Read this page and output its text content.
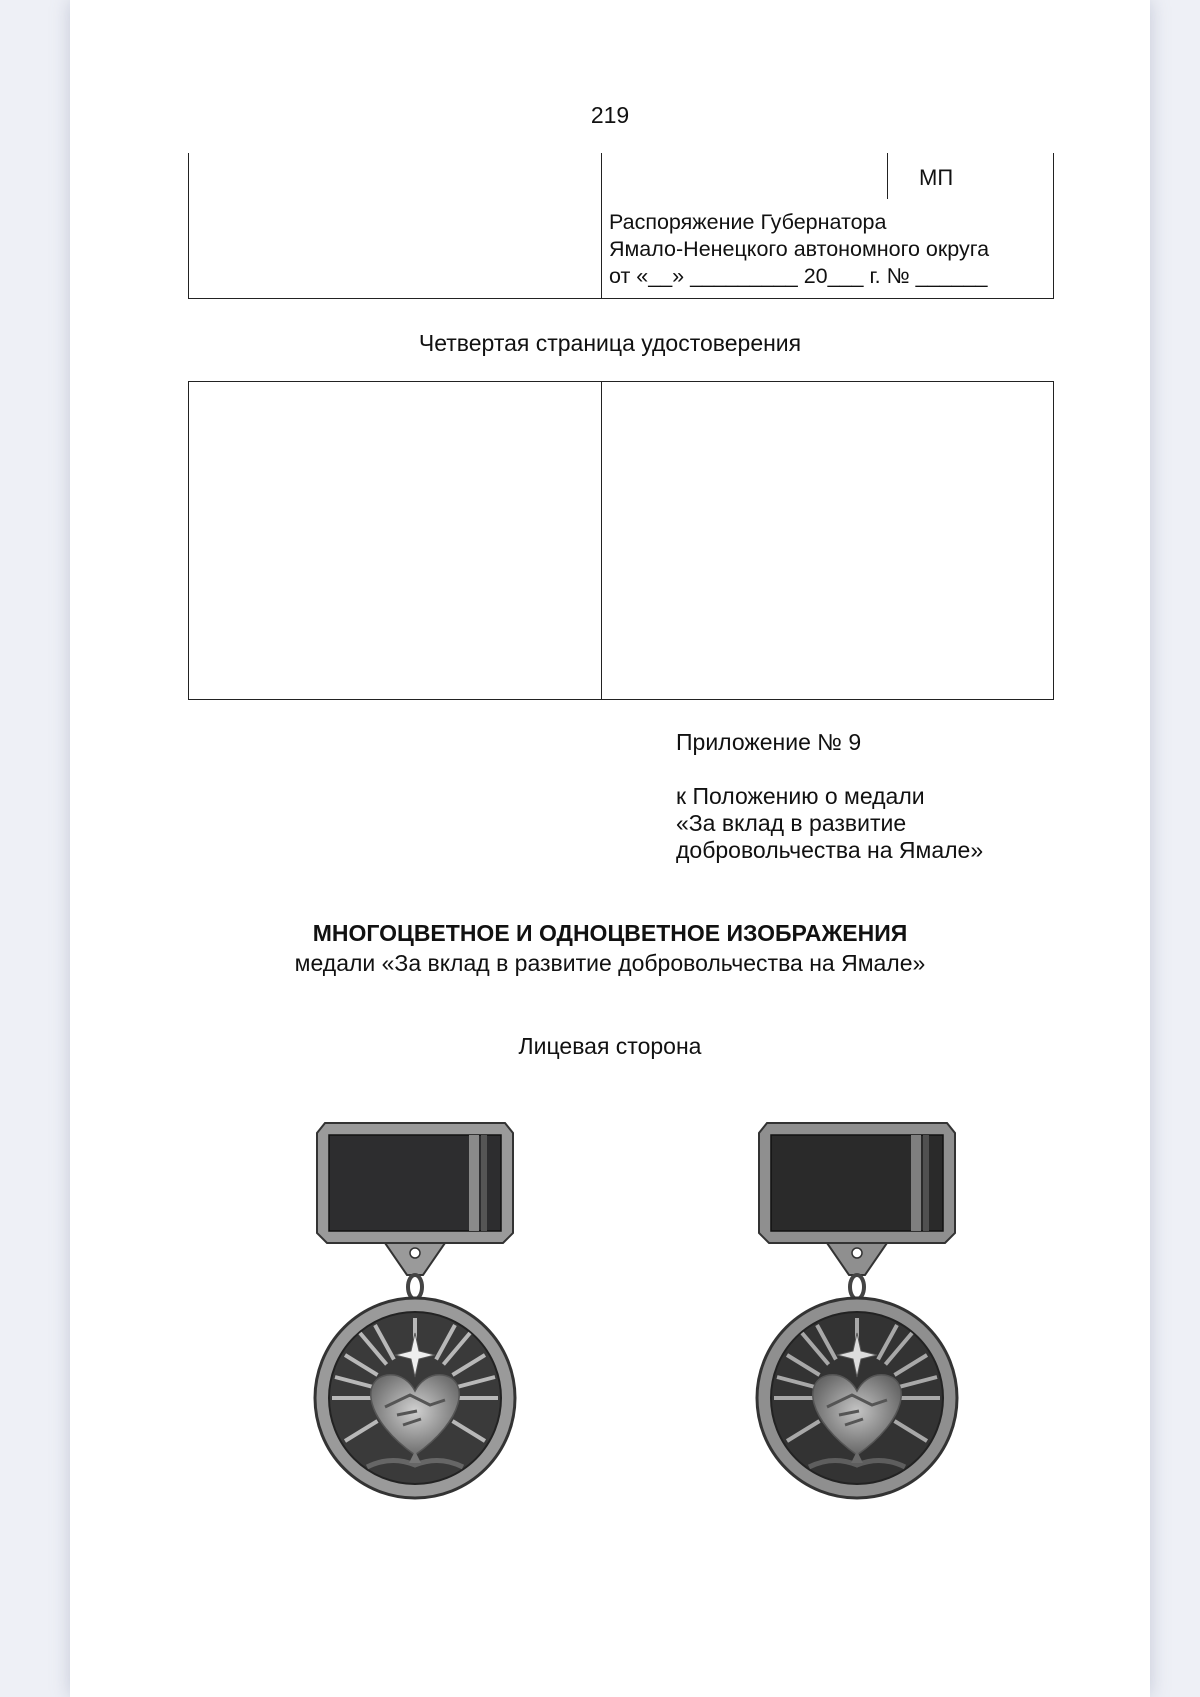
219
МП
Распоряжение Губернатора
Ямало-Ненецкого автономного округа
от «__» _________ 20___ г. № ______
Четвертая страница удостоверения
Приложение № 9
к Положению о медали
«За вклад в развитие
добровольчества на Ямале»
МНОГОЦВЕТНОЕ И ОДНОЦВЕТНОЕ ИЗОБРАЖЕНИЯ
медали «За вклад в развитие добровольчества на Ямале»
Лицевая сторона
